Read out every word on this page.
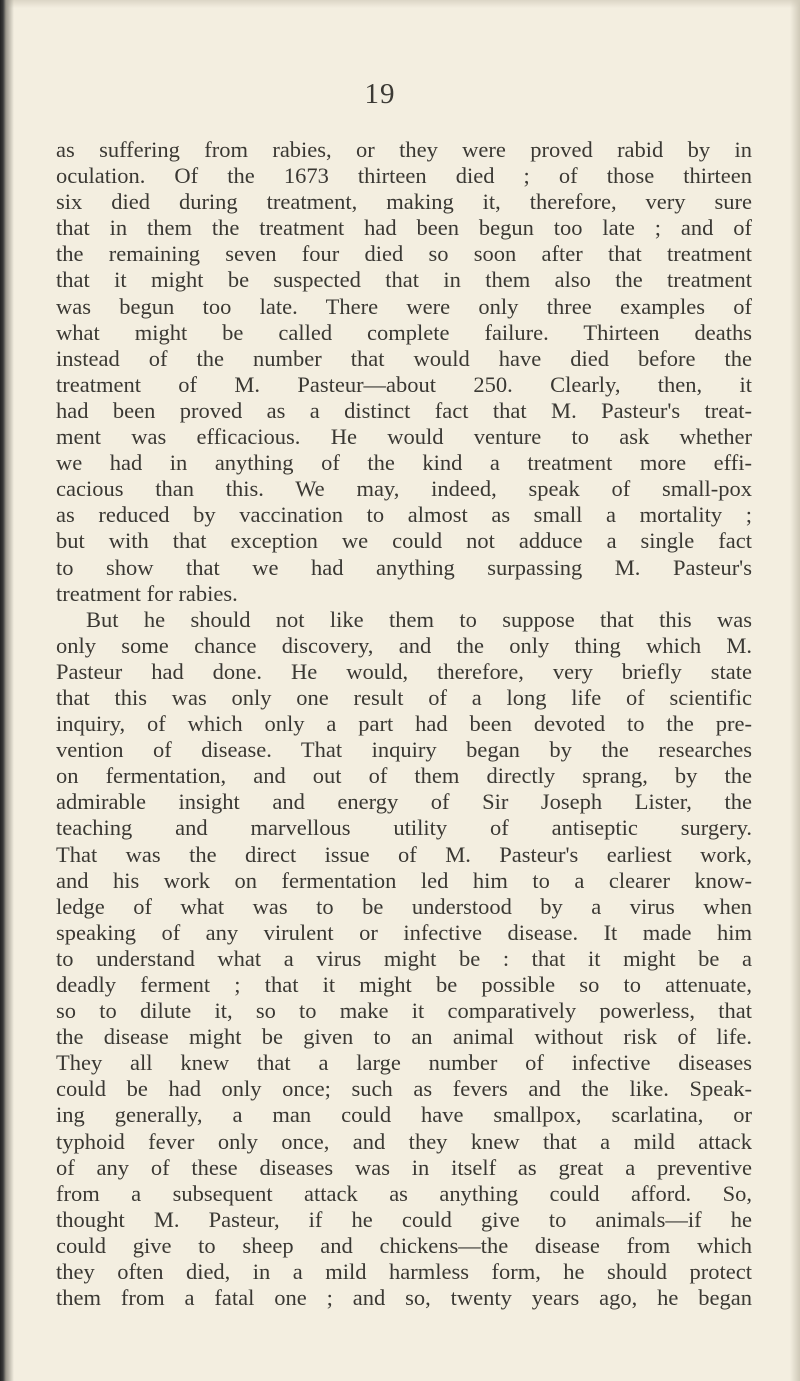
19
as suffering from rabies, or they were proved rabid by in
oculation. Of the 1673 thirteen died ; of those thirteen
six died during treatment, making it, therefore, very sure
that in them the treatment had been begun too late ; and of
the remaining seven four died so soon after that treatment
that it might be suspected that in them also the treatment
was begun too late. There were only three examples of
what might be called complete failure. Thirteen deaths
instead of the number that would have died before the
treatment of M. Pasteur—about 250. Clearly, then, it
had been proved as a distinct fact that M. Pasteur's treat-
ment was efficacious. He would venture to ask whether
we had in anything of the kind a treatment more effi-
cacious than this. We may, indeed, speak of small-pox
as reduced by vaccination to almost as small a mortality ;
but with that exception we could not adduce a single fact
to show that we had anything surpassing M. Pasteur's
treatment for rabies.
But he should not like them to suppose that this was
only some chance discovery, and the only thing which M.
Pasteur had done. He would, therefore, very briefly state
that this was only one result of a long life of scientific
inquiry, of which only a part had been devoted to the pre-
vention of disease. That inquiry began by the researches
on fermentation, and out of them directly sprang, by the
admirable insight and energy of Sir Joseph Lister, the
teaching and marvellous utility of antiseptic surgery.
That was the direct issue of M. Pasteur's earliest work,
and his work on fermentation led him to a clearer know-
ledge of what was to be understood by a virus when
speaking of any virulent or infective disease. It made him
to understand what a virus might be : that it might be a
deadly ferment ; that it might be possible so to attenuate,
so to dilute it, so to make it comparatively powerless, that
the disease might be given to an animal without risk of life.
They all knew that a large number of infective diseases
could be had only once; such as fevers and the like. Speak-
ing generally, a man could have smallpox, scarlatina, or
typhoid fever only once, and they knew that a mild attack
of any of these diseases was in itself as great a preventive
from a subsequent attack as anything could afford. So,
thought M. Pasteur, if he could give to animals—if he
could give to sheep and chickens—the disease from which
they often died, in a mild harmless form, he should protect
them from a fatal one ; and so, twenty years ago, he began
